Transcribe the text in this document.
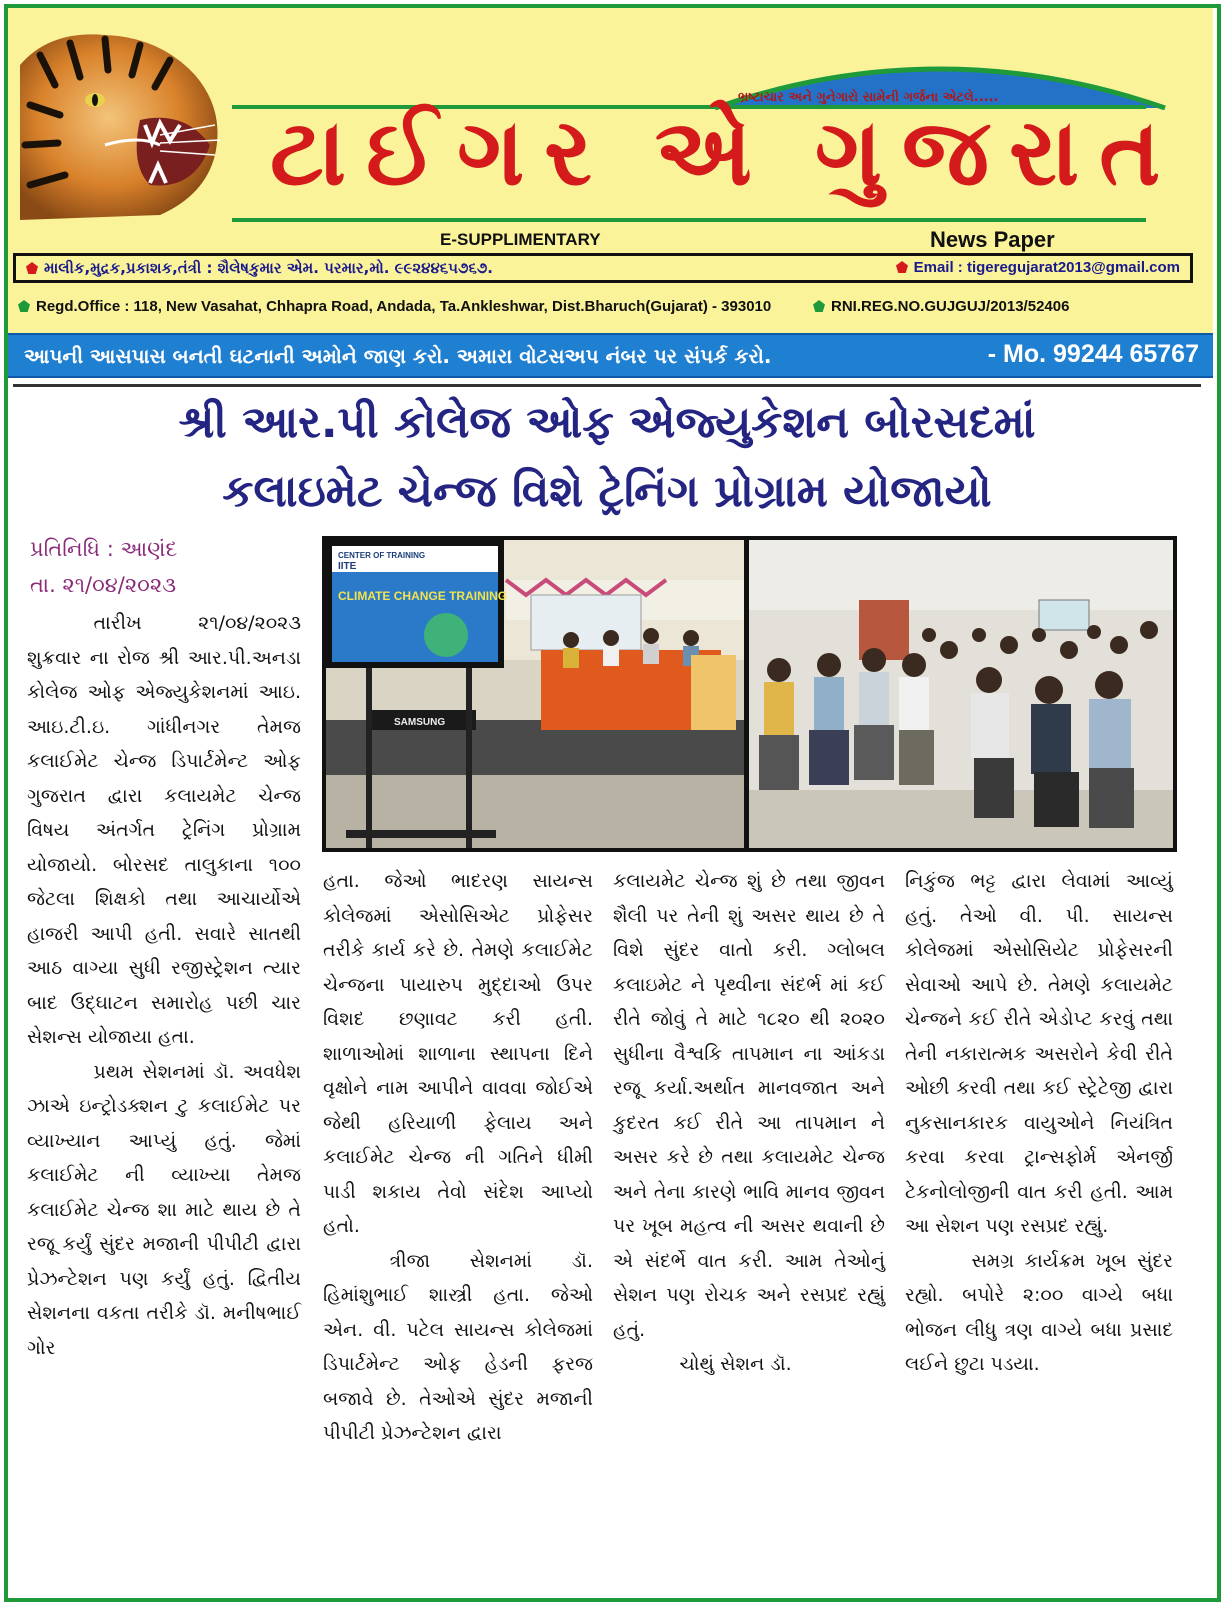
ભ્રષ્ટાચાર અને ગુનેગારો સામેની ગર્જના એટલે.....
ટાઈગર એ ગુજરાત
E-SUPPLIMENTARY	News Paper
માલીક,મુદ્રક,પ્રકાશક,તંત્રી : શૈલેષકુમાર એમ. પરમાર,મો. ૯૯૨૪૪૬૫૭૬૭.	Email : tigeregujarat2013@gmail.com
Regd.Office : 118, New Vasahat, Chhapra Road, Andada, Ta.Ankleshwar, Dist.Bharuch(Gujarat) - 393010	RNI.REG.NO.GUJGUJ/2013/52406
આપની આસપાસ બનતી ઘટનાની અમોને જાણ કરો. અમારા વોટસઅપ નંબર પર સંપર્ક કરો.	- Mo. 99244 65767
શ્રી આર.પી કોલેજ ઓફ એજ્યુકેશન બોરસદમાં
કલાઇમેટ ચેન્જ વિશે ટ્રેનિંગ પ્રોગ્રામ યોજાયો
પ્રતિનિધિ : આણંદ
તા. ૨૧/૦૪/૨૦૨૩
CENTER OF TRAINING
IITE
CLIMATE CHANGE TRAINING
SAMSUNG

તારીખ ૨૧/૦૪/૨૦૨૩ શુક્રવાર ના રોજ શ્રી આર.પી.અનડા કોલેજ ઓફ એજ્યુકેશનમાં આઇ. આઇ.ટી.ઇ. ગાંધીનગર તેમજ કલાઈમેટ ચેન્જ ડિપાર્ટમેન્ટ ઓફ ગુજરાત દ્વારા કલાયમેટ ચેન્જ વિષય અંતર્ગત ટ્રેનિંગ પ્રોગ્રામ યોજાયો. બોરસદ તાલુકાના ૧૦૦ જેટલા શિક્ષકો તથા આચાર્યોએ હાજરી આપી હતી. સવારે સાતથી આઠ વાગ્યા સુધી રજીસ્ટ્રેશન ત્યાર બાદ ઉદ્ઘાટન સમારોહ પછી ચાર સેશન્સ યોજાયા હતા.

પ્રથમ સેશનમાં ડૉ. અવધેશ ઝાએ ઇન્ટ્રોડક્શન ટુ કલાઈમેટ પર વ્યાખ્યાન આપ્યું હતું. જેમાં કલાઈમેટ ની વ્યાખ્યા તેમજ કલાઈમેટ ચેન્જ શા માટે થાય છે તે રજૂ કર્યું સુંદર મજાની પીપીટી દ્વારા પ્રેઝન્ટેશન પણ કર્યું હતું. દ્વિતીય સેશનના વકતા તરીકે ડૉ. મનીષભાઈ ગોર

હતા. જેઓ ભાદરણ સાયન્સ કોલેજમાં એસોસિએટ પ્રોફેસર તરીકે કાર્ય કરે છે. તેમણે કલાઈમેટ ચેન્જના પાયારુપ મુદ્દાઓ ઉપર વિશદ છણાવટ કરી હતી. શાળાઓમાં શાળાના સ્થાપના દિને વૃક્ષોને નામ આપીને વાવવા જોઈએ જેથી હરિયાળી ફેલાય અને કલાઈમેટ ચેન્જ ની ગતિને ધીમી પાડી શકાય તેવો સંદેશ આપ્યો હતો.

ત્રીજા સેશનમાં ડૉ. હિમાંશુભાઈ શાસ્ત્રી હતા. જેઓ એન. વી. પટેલ સાયન્સ કોલેજમાં ડિપાર્ટમેન્ટ ઓફ હેડની ફરજ બજાવે છે. તેઓએ સુંદર મજાની પીપીટી પ્રેઝન્ટેશન દ્વારા

કલાયમેટ ચેન્જ શું છે તથા જીવન શૈલી પર તેની શું અસર થાય છે તે વિશે સુંદર વાતો કરી. ગ્લોબલ કલાઇમેટ ને પૃથ્વીના સંદર્ભ માં કઈ રીતે જોવું તે માટે ૧૮૨૦ થી ૨૦૨૦ સુધીના વૈશ્વકિ તાપમાન ના આંકડા રજૂ કર્યા.અર્થાત માનવજાત અને કુદરત કઈ રીતે આ તાપમાન ને અસર કરે છે તથા કલાયમેટ ચેન્જ અને તેના કારણે ભાવિ માનવ જીવન પર ખૂબ મહત્વ ની અસર થવાની છે એ સંદર્ભે વાત કરી. આમ તેઓનું સેશન પણ રોચક અને રસપ્રદ રહ્યું હતું.

ચોથું સેશન ડૉ.

નિકુંજ ભટ્ટ દ્વારા લેવામાં આવ્યું હતું. તેઓ વી. પી. સાયન્સ કોલેજમાં એસોસિયેટ પ્રોફેસરની સેવાઓ આપે છે. તેમણે કલાયમેટ ચેન્જને કઈ રીતે એડોપ્ટ કરવું તથા તેની નકારાત્મક અસરોને કેવી રીતે ઓછી કરવી તથા કઈ સ્ટ્રેટેજી દ્વારા નુકસાનકારક વાયુઓને નિયંત્રિત કરવા કરવા ટ્રાન્સફોર્મ એનર્જી ટેકનોલોજીની વાત કરી હતી. આમ આ સેશન પણ રસપ્રદ રહ્યું.

સમગ્ર કાર્યક્રમ ખૂબ સુંદર રહ્યો. બપોરે ૨:૦૦ વાગ્યે બધા ભોજન લીધુ ત્રણ વાગ્યે બધા પ્રસાદ લઈને છુટા પડયા.
